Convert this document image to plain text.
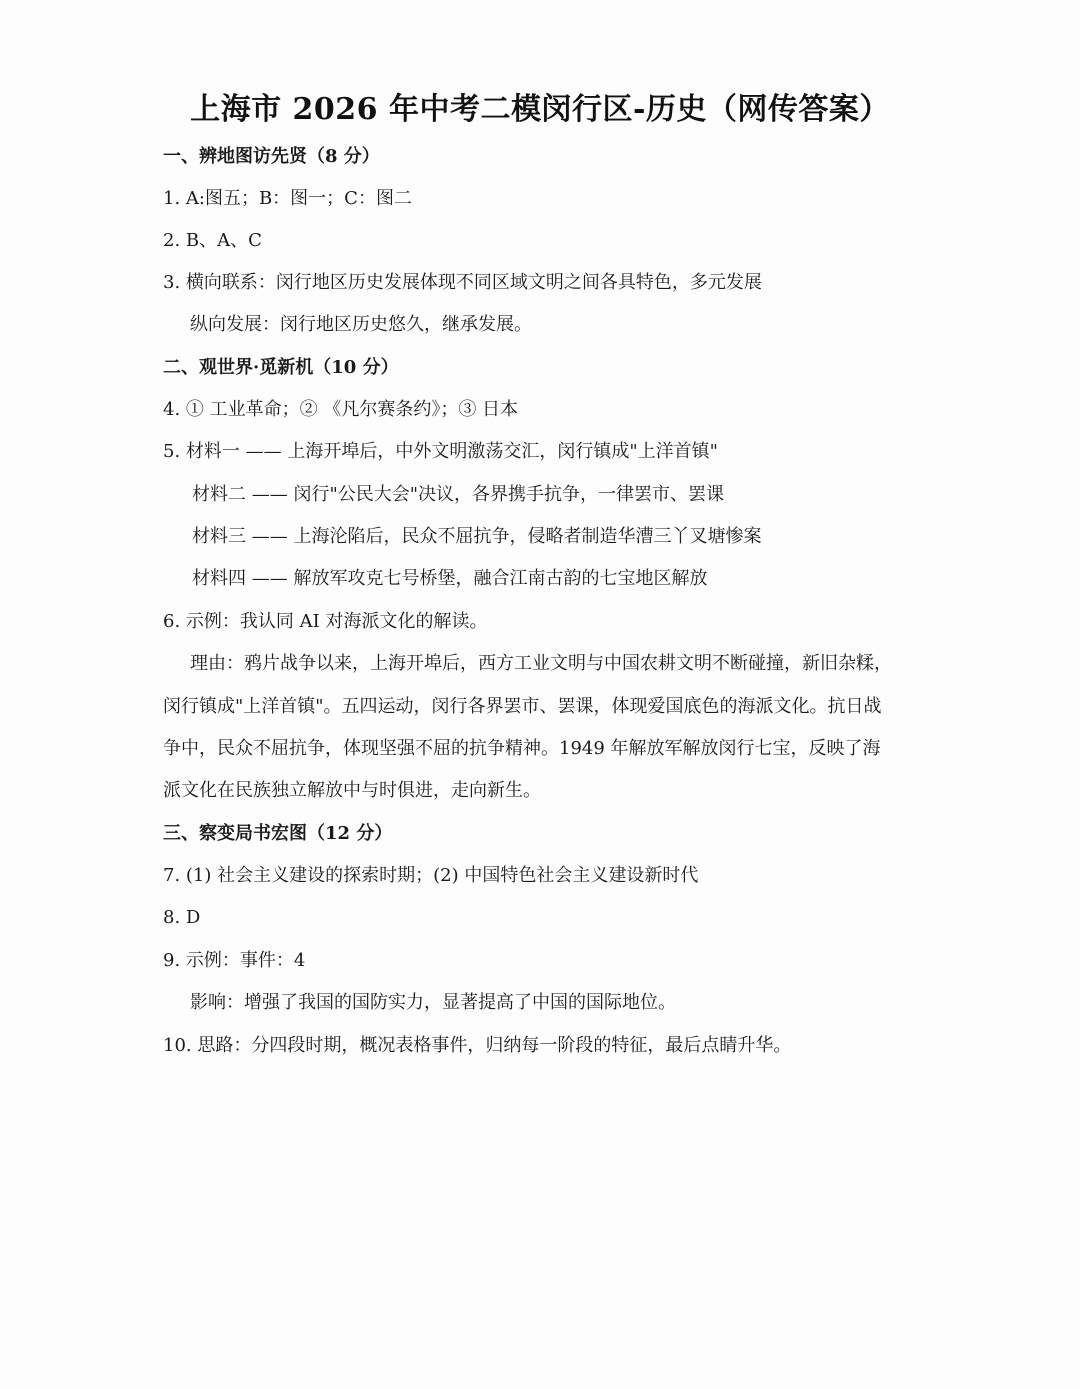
上海市 2026 年中考二模闵行区-历史（网传答案）
一、辨地图访先贤（8 分）
1. A:图五；B：图一；C：图二
2. B、A、C
3. 横向联系：闵行地区历史发展体现不同区域文明之间各具特色，多元发展
纵向发展：闵行地区历史悠久，继承发展。
二、观世界·觅新机（10 分）
4. ① 工业革命；② 《凡尔赛条约》；③ 日本
5. 材料一 —— 上海开埠后，中外文明激荡交汇，闵行镇成"上洋首镇"
材料二 —— 闵行"公民大会"决议，各界携手抗争，一律罢市、罢课
材料三 —— 上海沦陷后，民众不屈抗争，侵略者制造华漕三丫叉塘惨案
材料四 —— 解放军攻克七号桥堡，融合江南古韵的七宝地区解放
6. 示例：我认同 AI 对海派文化的解读。
理由：鸦片战争以来，上海开埠后，西方工业文明与中国农耕文明不断碰撞，新旧杂糅，
闵行镇成"上洋首镇"。五四运动，闵行各界罢市、罢课，体现爱国底色的海派文化。抗日战
争中，民众不屈抗争，体现坚强不屈的抗争精神。1949 年解放军解放闵行七宝，反映了海
派文化在民族独立解放中与时俱进，走向新生。
三、察变局书宏图（12 分）
7. (1) 社会主义建设的探索时期；(2) 中国特色社会主义建设新时代
8. D
9. 示例：事件：4
影响：增强了我国的国防实力，显著提高了中国的国际地位。
10. 思路：分四段时期，概况表格事件，归纳每一阶段的特征，最后点睛升华。
